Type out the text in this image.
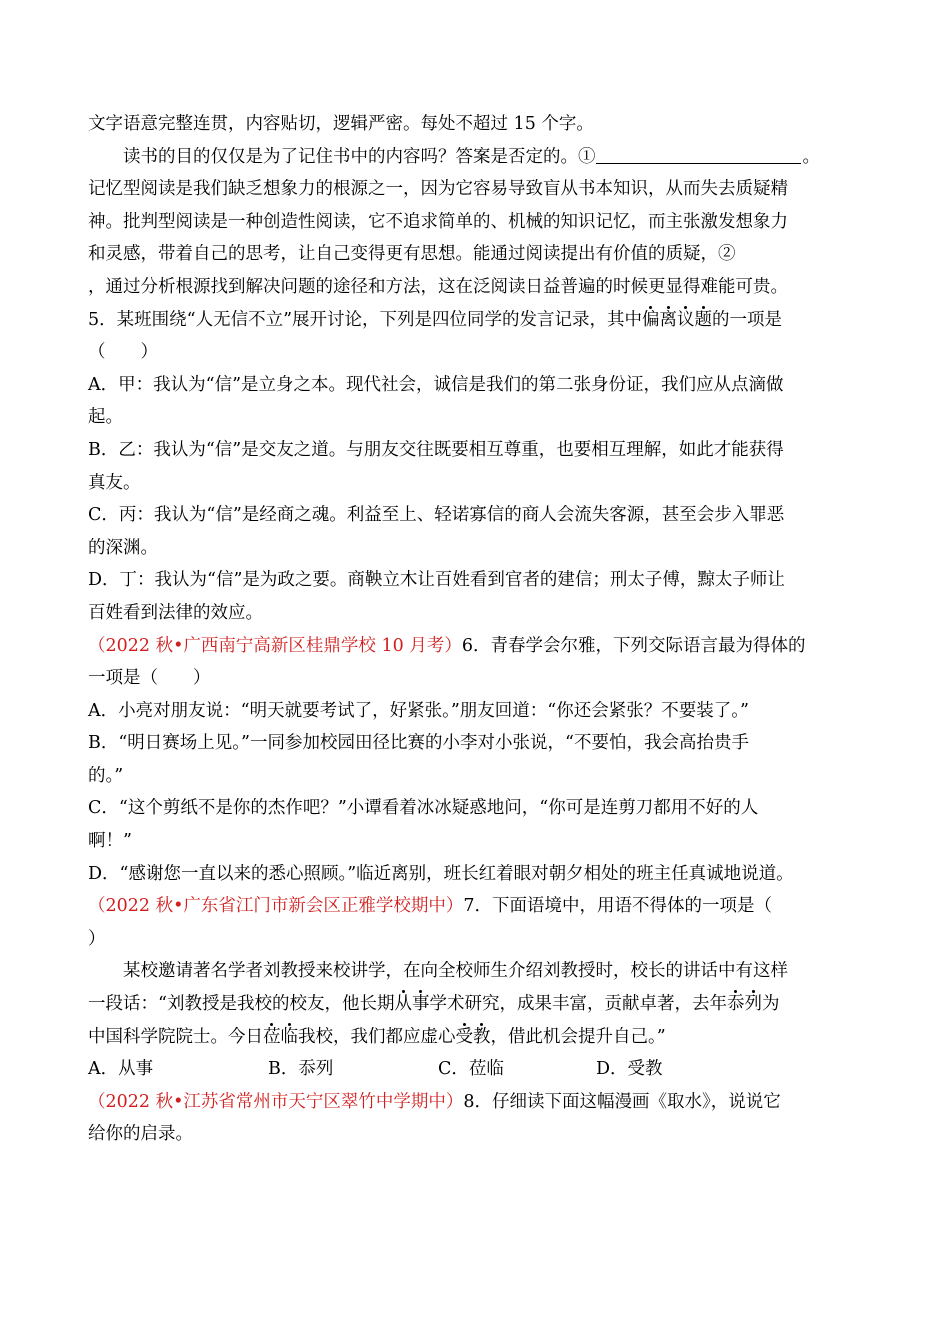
文字语意完整连贯，内容贴切，逻辑严密。每处不超过 15 个字。
读书的目的仅仅是为了记住书中的内容吗？答案是否定的。①	。
记忆型阅读是我们缺乏想象力的根源之一，因为它容易导致盲从书本知识，从而失去质疑精
神。批判型阅读是一种创造性阅读，它不追求简单的、机械的知识记忆，而主张激发想象力
和灵感，带着自己的思考，让自己变得更有思想。能通过阅读提出有价值的质疑，②
，通过分析根源找到解决问题的途径和方法，这在泛阅读日益普遍的时候更显得难能可贵。
5．某班围绕“人无信不立”展开讨论，下列是四位同学的发言记录，其中偏离议题的一项是
（　　）
A．甲：我认为“信”是立身之本。现代社会，诚信是我们的第二张身份证，我们应从点滴做
起。
B．乙：我认为“信”是交友之道。与朋友交往既要相互尊重，也要相互理解，如此才能获得
真友。
C．丙：我认为“信”是经商之魂。利益至上、轻诺寡信的商人会流失客源，甚至会步入罪恶
的深渊。
D．丁：我认为“信”是为政之要。商鞅立木让百姓看到官者的建信；刑太子傅，黥太子师让
百姓看到法律的效应。
（2022 秋•广西南宁高新区桂鼎学校 10 月考）6．青春学会尔雅，下列交际语言最为得体的
一项是（　　）
A．小亮对朋友说：“明天就要考试了，好紧张。”朋友回道：“你还会紧张？不要装了。”
B．“明日赛场上见。”一同参加校园田径比赛的小李对小张说，“不要怕，我会高抬贵手
的。”
C．“这个剪纸不是你的杰作吧？”小谭看着冰冰疑惑地问，“你可是连剪刀都用不好的人
啊！”
D．“感谢您一直以来的悉心照顾。”临近离别，班长红着眼对朝夕相处的班主任真诚地说道。
（2022 秋•广东省江门市新会区正雅学校期中）7．下面语境中，用语不得体的一项是（
）
某校邀请著名学者刘教授来校讲学，在向全校师生介绍刘教授时，校长的讲话中有这样
一段话：“刘教授是我校的校友，他长期从事学术研究，成果丰富，贡献卓著，去年忝列为
中国科学院院士。今日莅临我校，我们都应虚心受教，借此机会提升自己。”
A．从事	B．忝列	C．莅临	D．受教
（2022 秋•江苏省常州市天宁区翠竹中学期中）8．仔细读下面这幅漫画《取水》，说说它
给你的启录。
